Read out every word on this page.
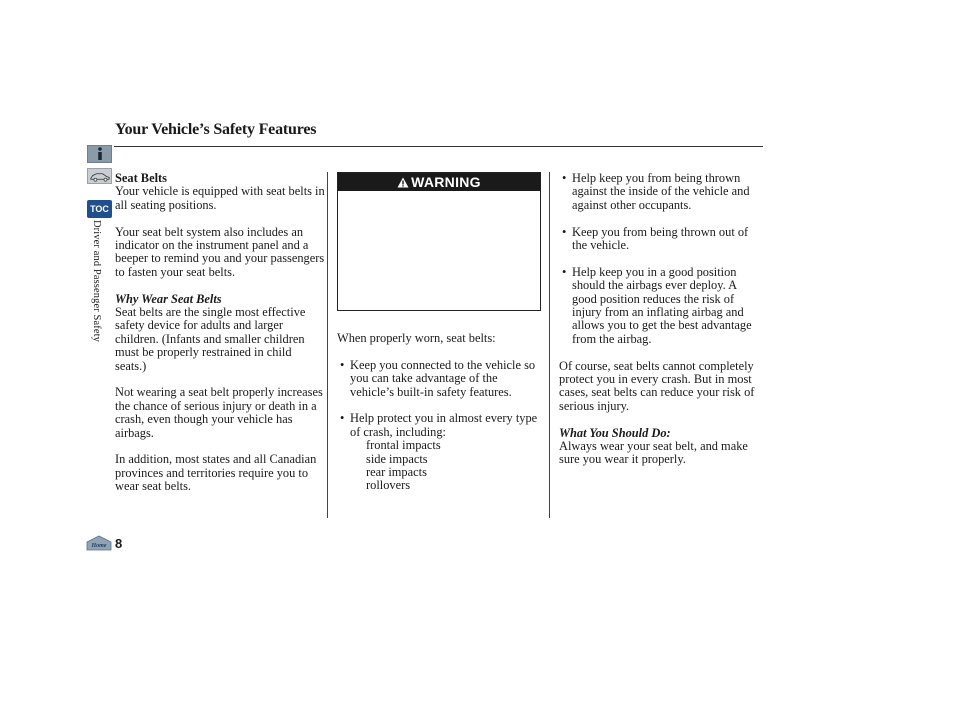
Your Vehicle’s Safety Features
TOC
Driver and Passenger Safety
Seat Belts

Your vehicle is equipped with seat belts in all seating positions.

Your seat belt system also includes an indicator on the instrument panel and a beeper to remind you and your passengers to fasten your seat belts.

Why Wear Seat Belts

Seat belts are the single most effective safety device for adults and larger children. (Infants and smaller children must be properly restrained in child seats.)

Not wearing a seat belt properly increases the chance of serious injury or death in a crash, even though your vehicle has airbags.

In addition, most states and all Canadian provinces and territories require you to wear seat belts.

WARNING

When properly worn, seat belts:

• Keep you connected to the vehicle so you can take advantage of the vehicle’s built-in safety features.
• Help protect you in almost every type of crash, including:
frontal impacts
side impacts
rear impacts
rollovers
• Help keep you from being thrown against the inside of the vehicle and against other occupants.
• Keep you from being thrown out of the vehicle.
• Help keep you in a good position should the airbags ever deploy. A good position reduces the risk of injury from an inflating airbag and allows you to get the best advantage from the airbag.

Of course, seat belts cannot completely protect you in every crash. But in most cases, seat belts can reduce your risk of serious injury.

What You Should Do:

Always wear your seat belt, and make sure you wear it properly.

Home 8
